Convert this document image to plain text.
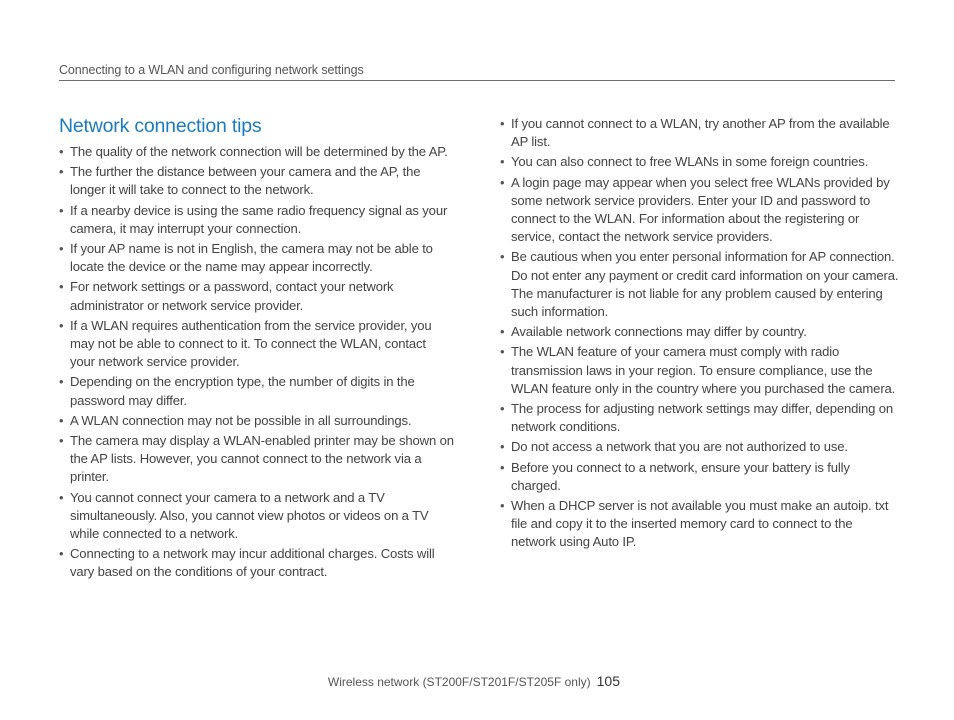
Connecting to a WLAN and configuring network settings
Network connection tips
• The quality of the network connection will be determined by the AP.
• The further the distance between your camera and the AP, the longer it will take to connect to the network.
• If a nearby device is using the same radio frequency signal as your camera, it may interrupt your connection.
• If your AP name is not in English, the camera may not be able to locate the device or the name may appear incorrectly.
• For network settings or a password, contact your network administrator or network service provider.
• If a WLAN requires authentication from the service provider, you may not be able to connect to it. To connect the WLAN, contact your network service provider.
• Depending on the encryption type, the number of digits in the password may differ.
• A WLAN connection may not be possible in all surroundings.
• The camera may display a WLAN-enabled printer may be shown on the AP lists. However, you cannot connect to the network via a printer.
• You cannot connect your camera to a network and a TV simultaneously. Also, you cannot view photos or videos on a TV while connected to a network.
• Connecting to a network may incur additional charges. Costs will vary based on the conditions of your contract.
• If you cannot connect to a WLAN, try another AP from the available AP list.
• You can also connect to free WLANs in some foreign countries.
• A login page may appear when you select free WLANs provided by some network service providers. Enter your ID and password to connect to the WLAN. For information about the registering or service, contact the network service providers.
• Be cautious when you enter personal information for AP connection. Do not enter any payment or credit card information on your camera. The manufacturer is not liable for any problem caused by entering such information.
• Available network connections may differ by country.
• The WLAN feature of your camera must comply with radio transmission laws in your region. To ensure compliance, use the WLAN feature only in the country where you purchased the camera.
• The process for adjusting network settings may differ, depending on network conditions.
• Do not access a network that you are not authorized to use.
• Before you connect to a network, ensure your battery is fully charged.
• When a DHCP server is not available you must make an autoip. txt file and copy it to the inserted memory card to connect to the network using Auto IP.
Wireless network (ST200F/ST201F/ST205F only) 105
